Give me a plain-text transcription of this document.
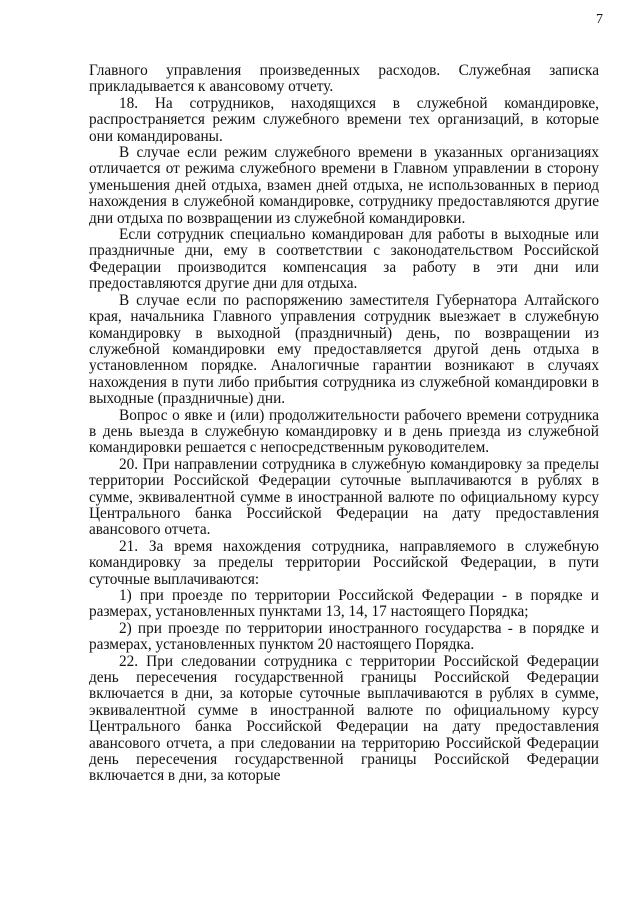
7

Главного управления произведенных расходов. Служебная записка прикладывается к авансовому отчету.

18. На сотрудников, находящихся в служебной командировке, распространяется режим служебного времени тех организаций, в которые они командированы.

В случае если режим служебного времени в указанных организациях отличается от режима служебного времени в Главном управлении в сторону уменьшения дней отдыха, взамен дней отдыха, не использованных в период нахождения в служебной командировке, сотруднику предоставляются другие дни отдыха по возвращении из служебной командировки.

Если сотрудник специально командирован для работы в выходные или праздничные дни, ему в соответствии с законодательством Российской Федерации производится компенсация за работу в эти дни или предоставляются другие дни для отдыха.

В случае если по распоряжению заместителя Губернатора Алтайского края, начальника Главного управления сотрудник выезжает в служебную командировку в выходной (праздничный) день, по возвращении из служебной командировки ему предоставляется другой день отдыха в установленном порядке. Аналогичные гарантии возникают в случаях нахождения в пути либо прибытия сотрудника из служебной командировки в выходные (праздничные) дни.

Вопрос о явке и (или) продолжительности рабочего времени сотрудника в день выезда в служебную командировку и в день приезда из служебной командировки решается с непосредственным руководителем.

20. При направлении сотрудника в служебную командировку за пределы территории Российской Федерации суточные выплачиваются в рублях в сумме, эквивалентной сумме в иностранной валюте по официальному курсу Центрального банка Российской Федерации на дату предоставления авансового отчета.

21. За время нахождения сотрудника, направляемого в служебную командировку за пределы территории Российской Федерации, в пути суточные выплачиваются:

1) при проезде по территории Российской Федерации - в порядке и размерах, установленных пунктами 13, 14, 17 настоящего Порядка;

2) при проезде по территории иностранного государства - в порядке и размерах, установленных пунктом 20 настоящего Порядка.

22. При следовании сотрудника с территории Российской Федерации день пересечения государственной границы Российской Федерации включается в дни, за которые суточные выплачиваются в рублях в сумме, эквивалентной сумме в иностранной валюте по официальному курсу Центрального банка Российской Федерации на дату предоставления авансового отчета, а при следовании на территорию Российской Федерации день пересечения государственной границы Российской Федерации включается в дни, за которые
